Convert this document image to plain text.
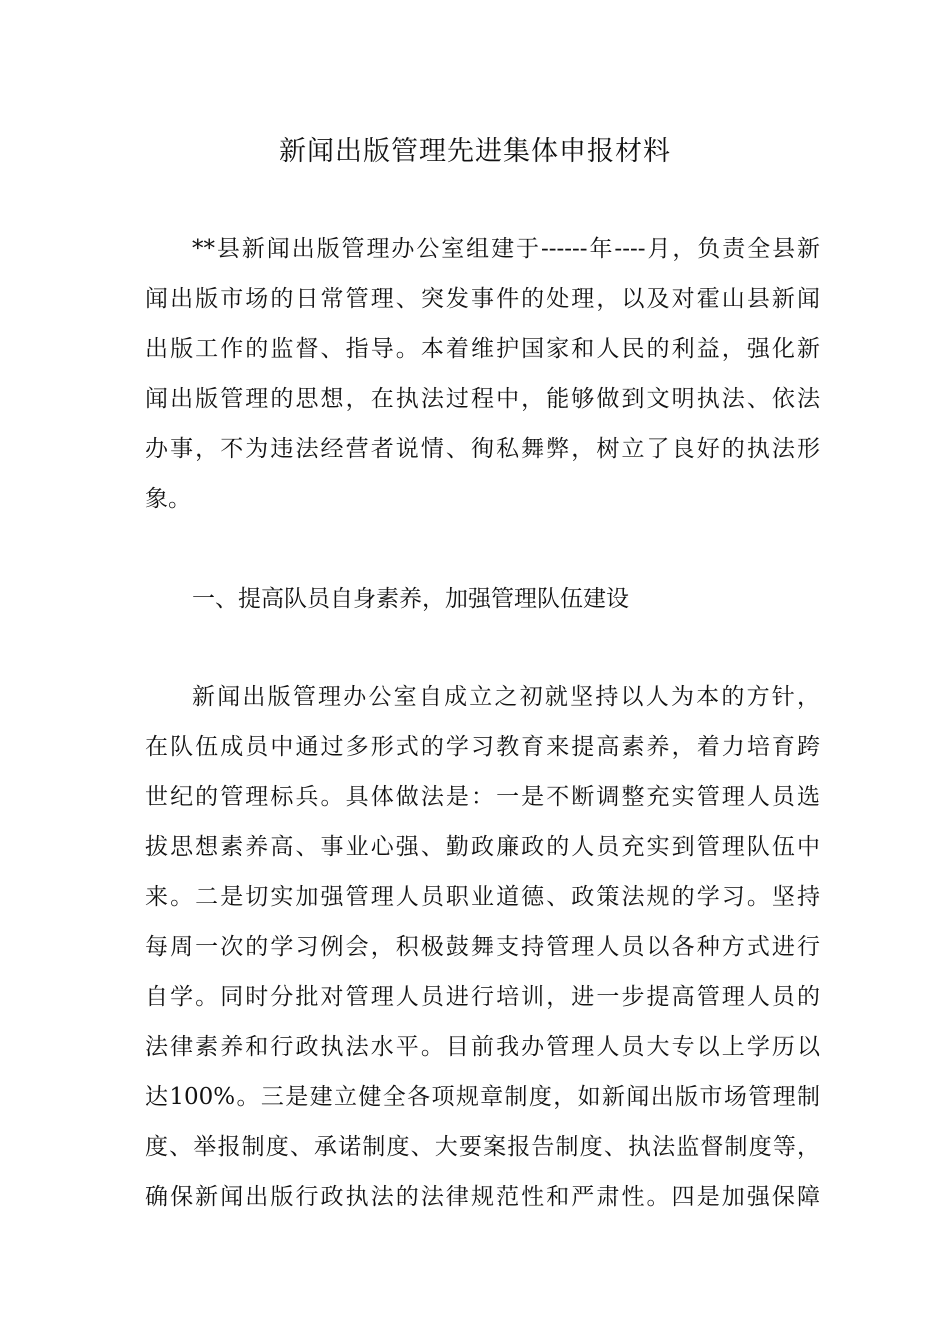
新闻出版管理先进集体申报材料
**县新闻出版管理办公室组建于------年----月，负责全县新
闻出版市场的日常管理、突发事件的处理，以及对霍山县新闻
出版工作的监督、指导。本着维护国家和人民的利益，强化新
闻出版管理的思想，在执法过程中，能够做到文明执法、依法
办事，不为违法经营者说情、徇私舞弊，树立了良好的执法形
象。
一、提高队员自身素养，加强管理队伍建设
新闻出版管理办公室自成立之初就坚持以人为本的方针，
在队伍成员中通过多形式的学习教育来提高素养，着力培育跨
世纪的管理标兵。具体做法是：一是不断调整充实管理人员选
拔思想素养高、事业心强、勤政廉政的人员充实到管理队伍中
来。二是切实加强管理人员职业道德、政策法规的学习。坚持
每周一次的学习例会，积极鼓舞支持管理人员以各种方式进行
自学。同时分批对管理人员进行培训，进一步提高管理人员的
法律素养和行政执法水平。目前我办管理人员大专以上学历以
达100%。三是建立健全各项规章制度，如新闻出版市场管理制
度、举报制度、承诺制度、大要案报告制度、执法监督制度等，
确保新闻出版行政执法的法律规范性和严肃性。四是加强保障
